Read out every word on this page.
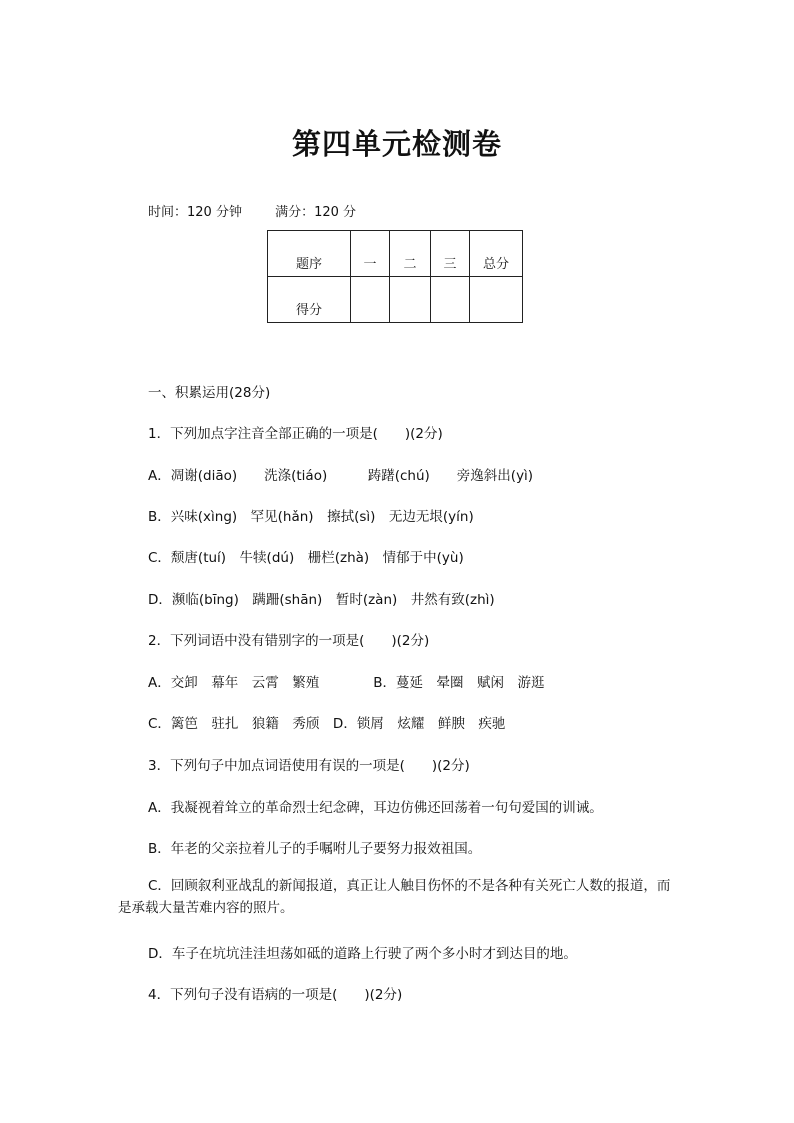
第四单元检测卷
时间：120 分钟	满分：120 分
题序	一	二	三	总分
得分				
一、积累运用(28分)
1．下列加点字注音全部正确的一项是(　　)(2分)
A．凋谢(diāo)　　洗涤(tiáo)　　　踌躇(chú)　　旁逸斜出(yì)
B．兴味(xìng)　罕见(hǎn)　擦拭(sì)　无边无垠(yín)
C．颓唐(tuí)　牛犊(dú)　栅栏(zhà)　情郁于中(yù)
D．濒临(bīng)　蹒跚(shān)　暂时(zàn)　井然有致(zhì)
2．下列词语中没有错别字的一项是(　　)(2分)
A．交卸　幕年　云霄　繁殖　　　　B．蔓延　晕圈　赋闲　游逛
C．篱笆　驻扎　狼籍　秀颀　D．锁屑　炫耀　鲜腴　疾驰
3．下列句子中加点词语使用有误的一项是(　　)(2分)
A．我凝视着耸立的革命烈士纪念碑，耳边仿佛还回荡着一句句爱国的训诫。
B．年老的父亲拉着儿子的手嘱咐儿子要努力报效祖国。
C．回顾叙利亚战乱的新闻报道，真正让人触目伤怀的不是各种有关死亡人数的报道，而是承载大量苦难内容的照片。
D．车子在坑坑洼洼坦荡如砥的道路上行驶了两个多小时才到达目的地。
4．下列句子没有语病的一项是(　　)(2分)
